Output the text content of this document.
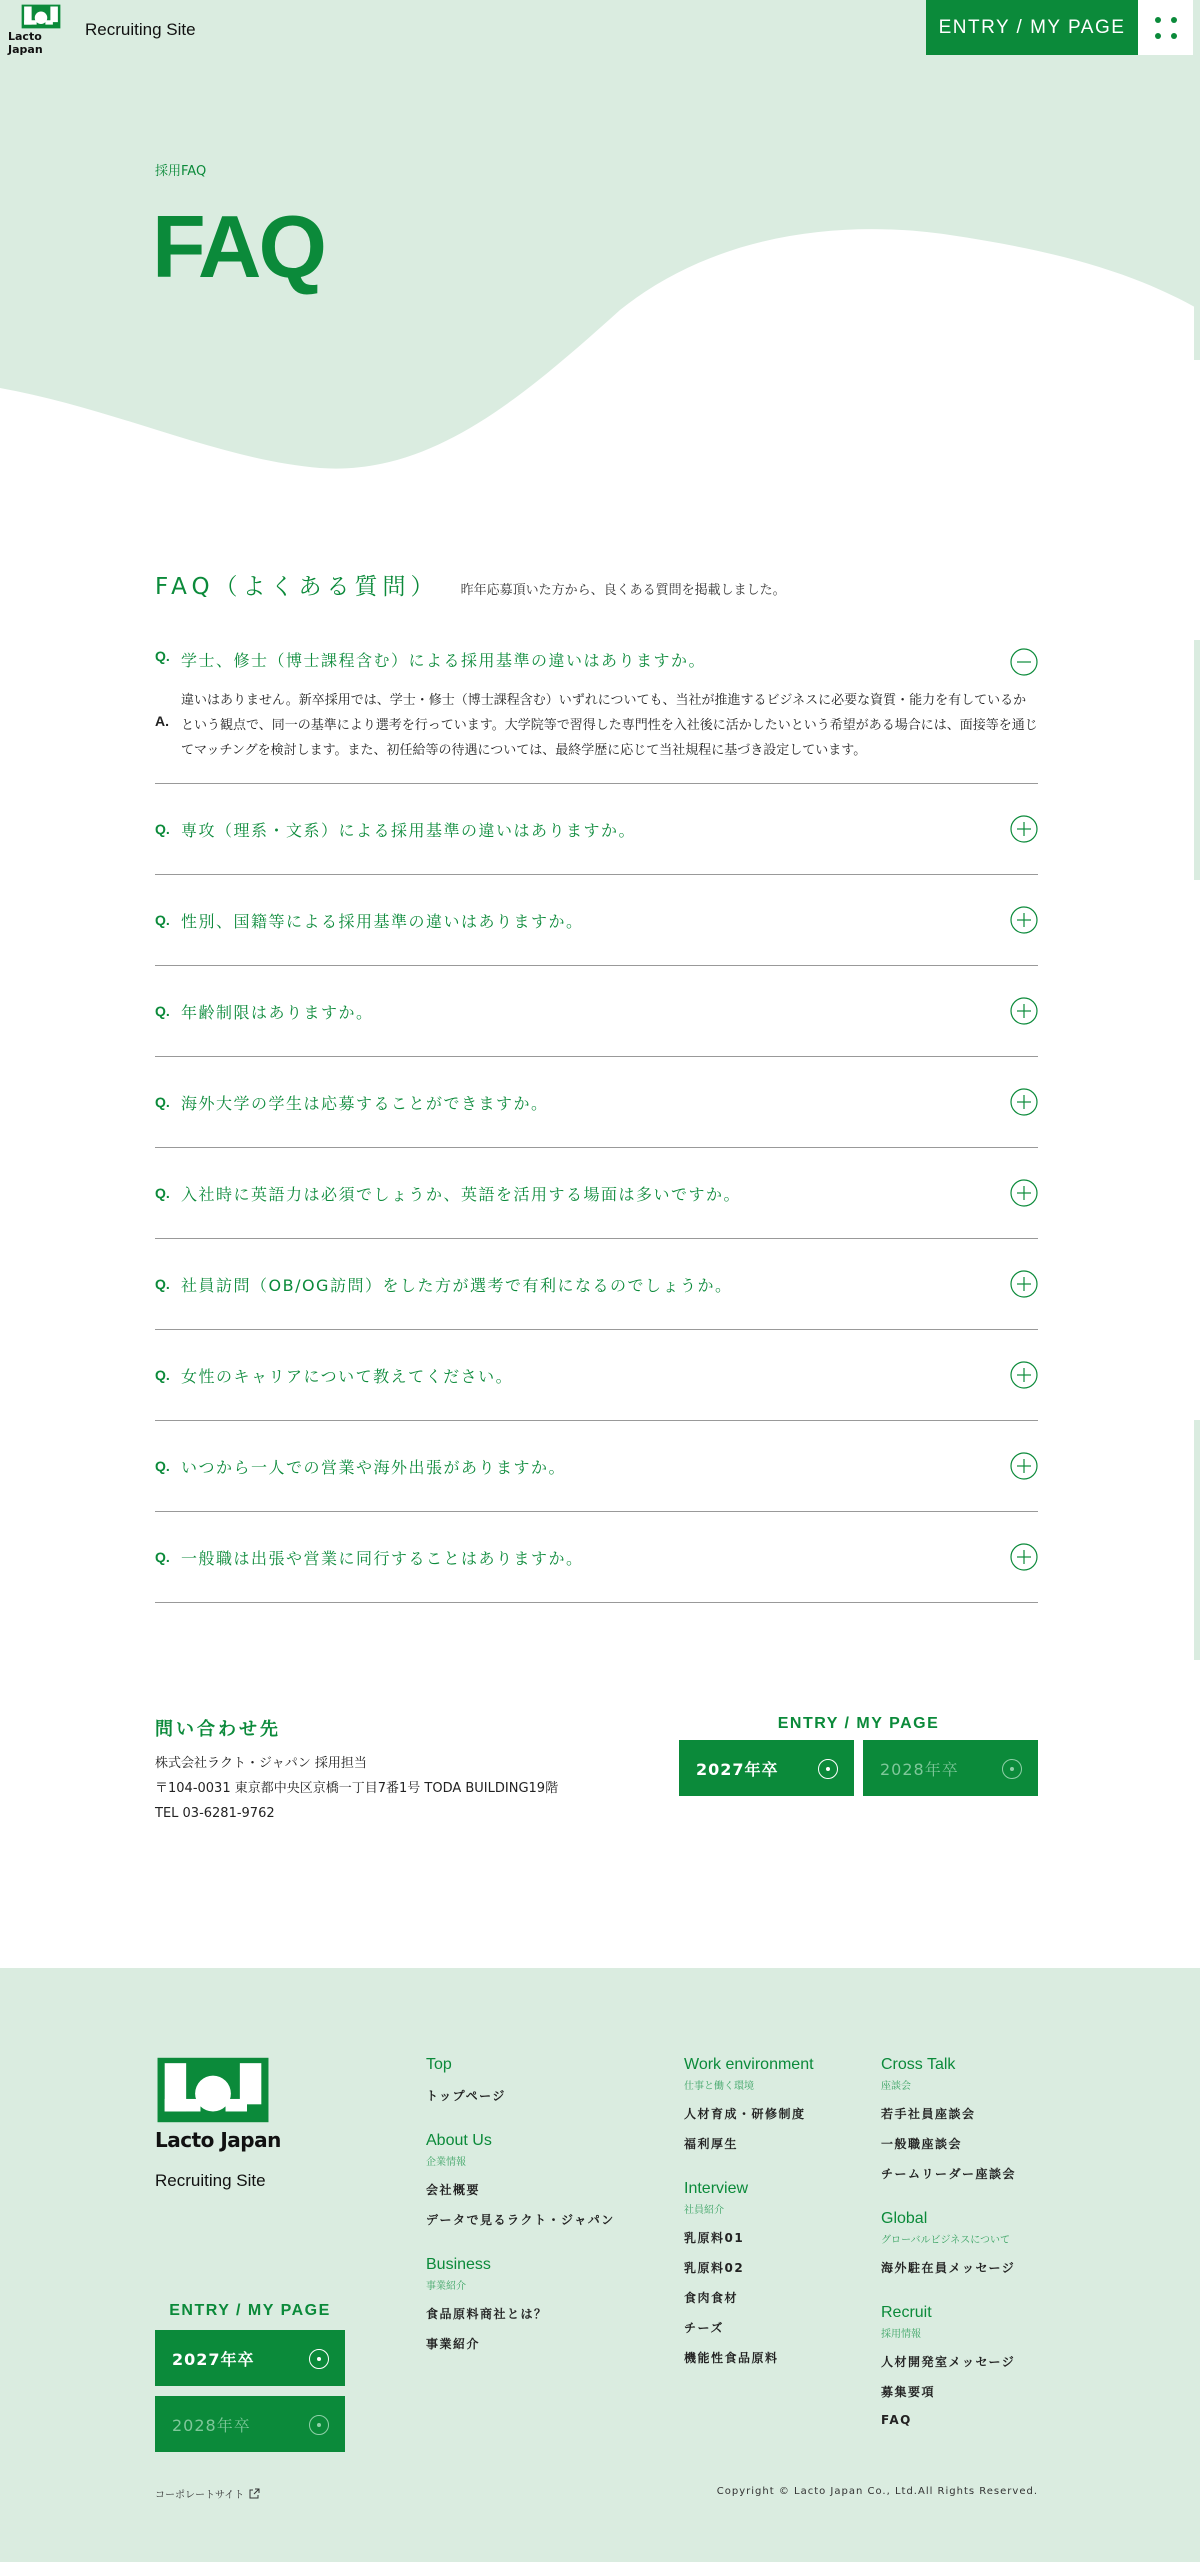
Lacto Japan
Recruiting Site	ENTRY / MY PAGE
採用FAQ
FAQ
FAQ（よくある質問） 昨年応募頂いた方から、良くある質問を掲載しました。

Q. 学士、修士（博士課程含む）による採用基準の違いはありますか。
A.
違いはありません。新卒採用では、学士・修士（博士課程含む）いずれについても、当社が推進するビジネスに必要な資質・能力を有しているかという観点で、同一の基準により選考を行っています。大学院等で習得した専門性を入社後に活かしたいという希望がある場合には、面接等を通じてマッチングを検討します。また、初任給等の待遇については、最終学歴に応じて当社規程に基づき設定しています。
Q. 専攻（理系・文系）による採用基準の違いはありますか。
Q. 性別、国籍等による採用基準の違いはありますか。
Q. 年齢制限はありますか。
Q. 海外大学の学生は応募することができますか。
Q. 入社時に英語力は必須でしょうか、英語を活用する場面は多いですか。
Q. 社員訪問（OB/OG訪問）をした方が選考で有利になるのでしょうか。
Q. 女性のキャリアについて教えてください。
Q. いつから一人での営業や海外出張がありますか。
Q. 一般職は出張や営業に同行することはありますか。
問い合わせ先
株式会社ラクト・ジャパン 採用担当
〒104-0031 東京都中央区京橋一丁目7番1号 TODA BUILDING19階
TEL 03-6281-9762
ENTRY / MY PAGE
2027年卒	2028年卒
Lacto Japan
Recruiting Site
ENTRY / MY PAGE
2027年卒
2028年卒
Top
トップページ
About Us
企業情報
会社概要
データで見るラクト・ジャパン
Business
事業紹介
食品原料商社とは？
事業紹介
Work environment
仕事と働く環境
人材育成・研修制度
福利厚生
Interview
社員紹介
乳原料01
乳原料02
食肉食材
チーズ
機能性食品原料
Cross Talk
座談会
若手社員座談会
一般職座談会
チームリーダー座談会
Global
グローバルビジネスについて
海外駐在員メッセージ
Recruit
採用情報
人材開発室メッセージ
募集要項
FAQ
コーポレートサイト	Copyright © Lacto Japan Co., Ltd.All Rights Reserved.
